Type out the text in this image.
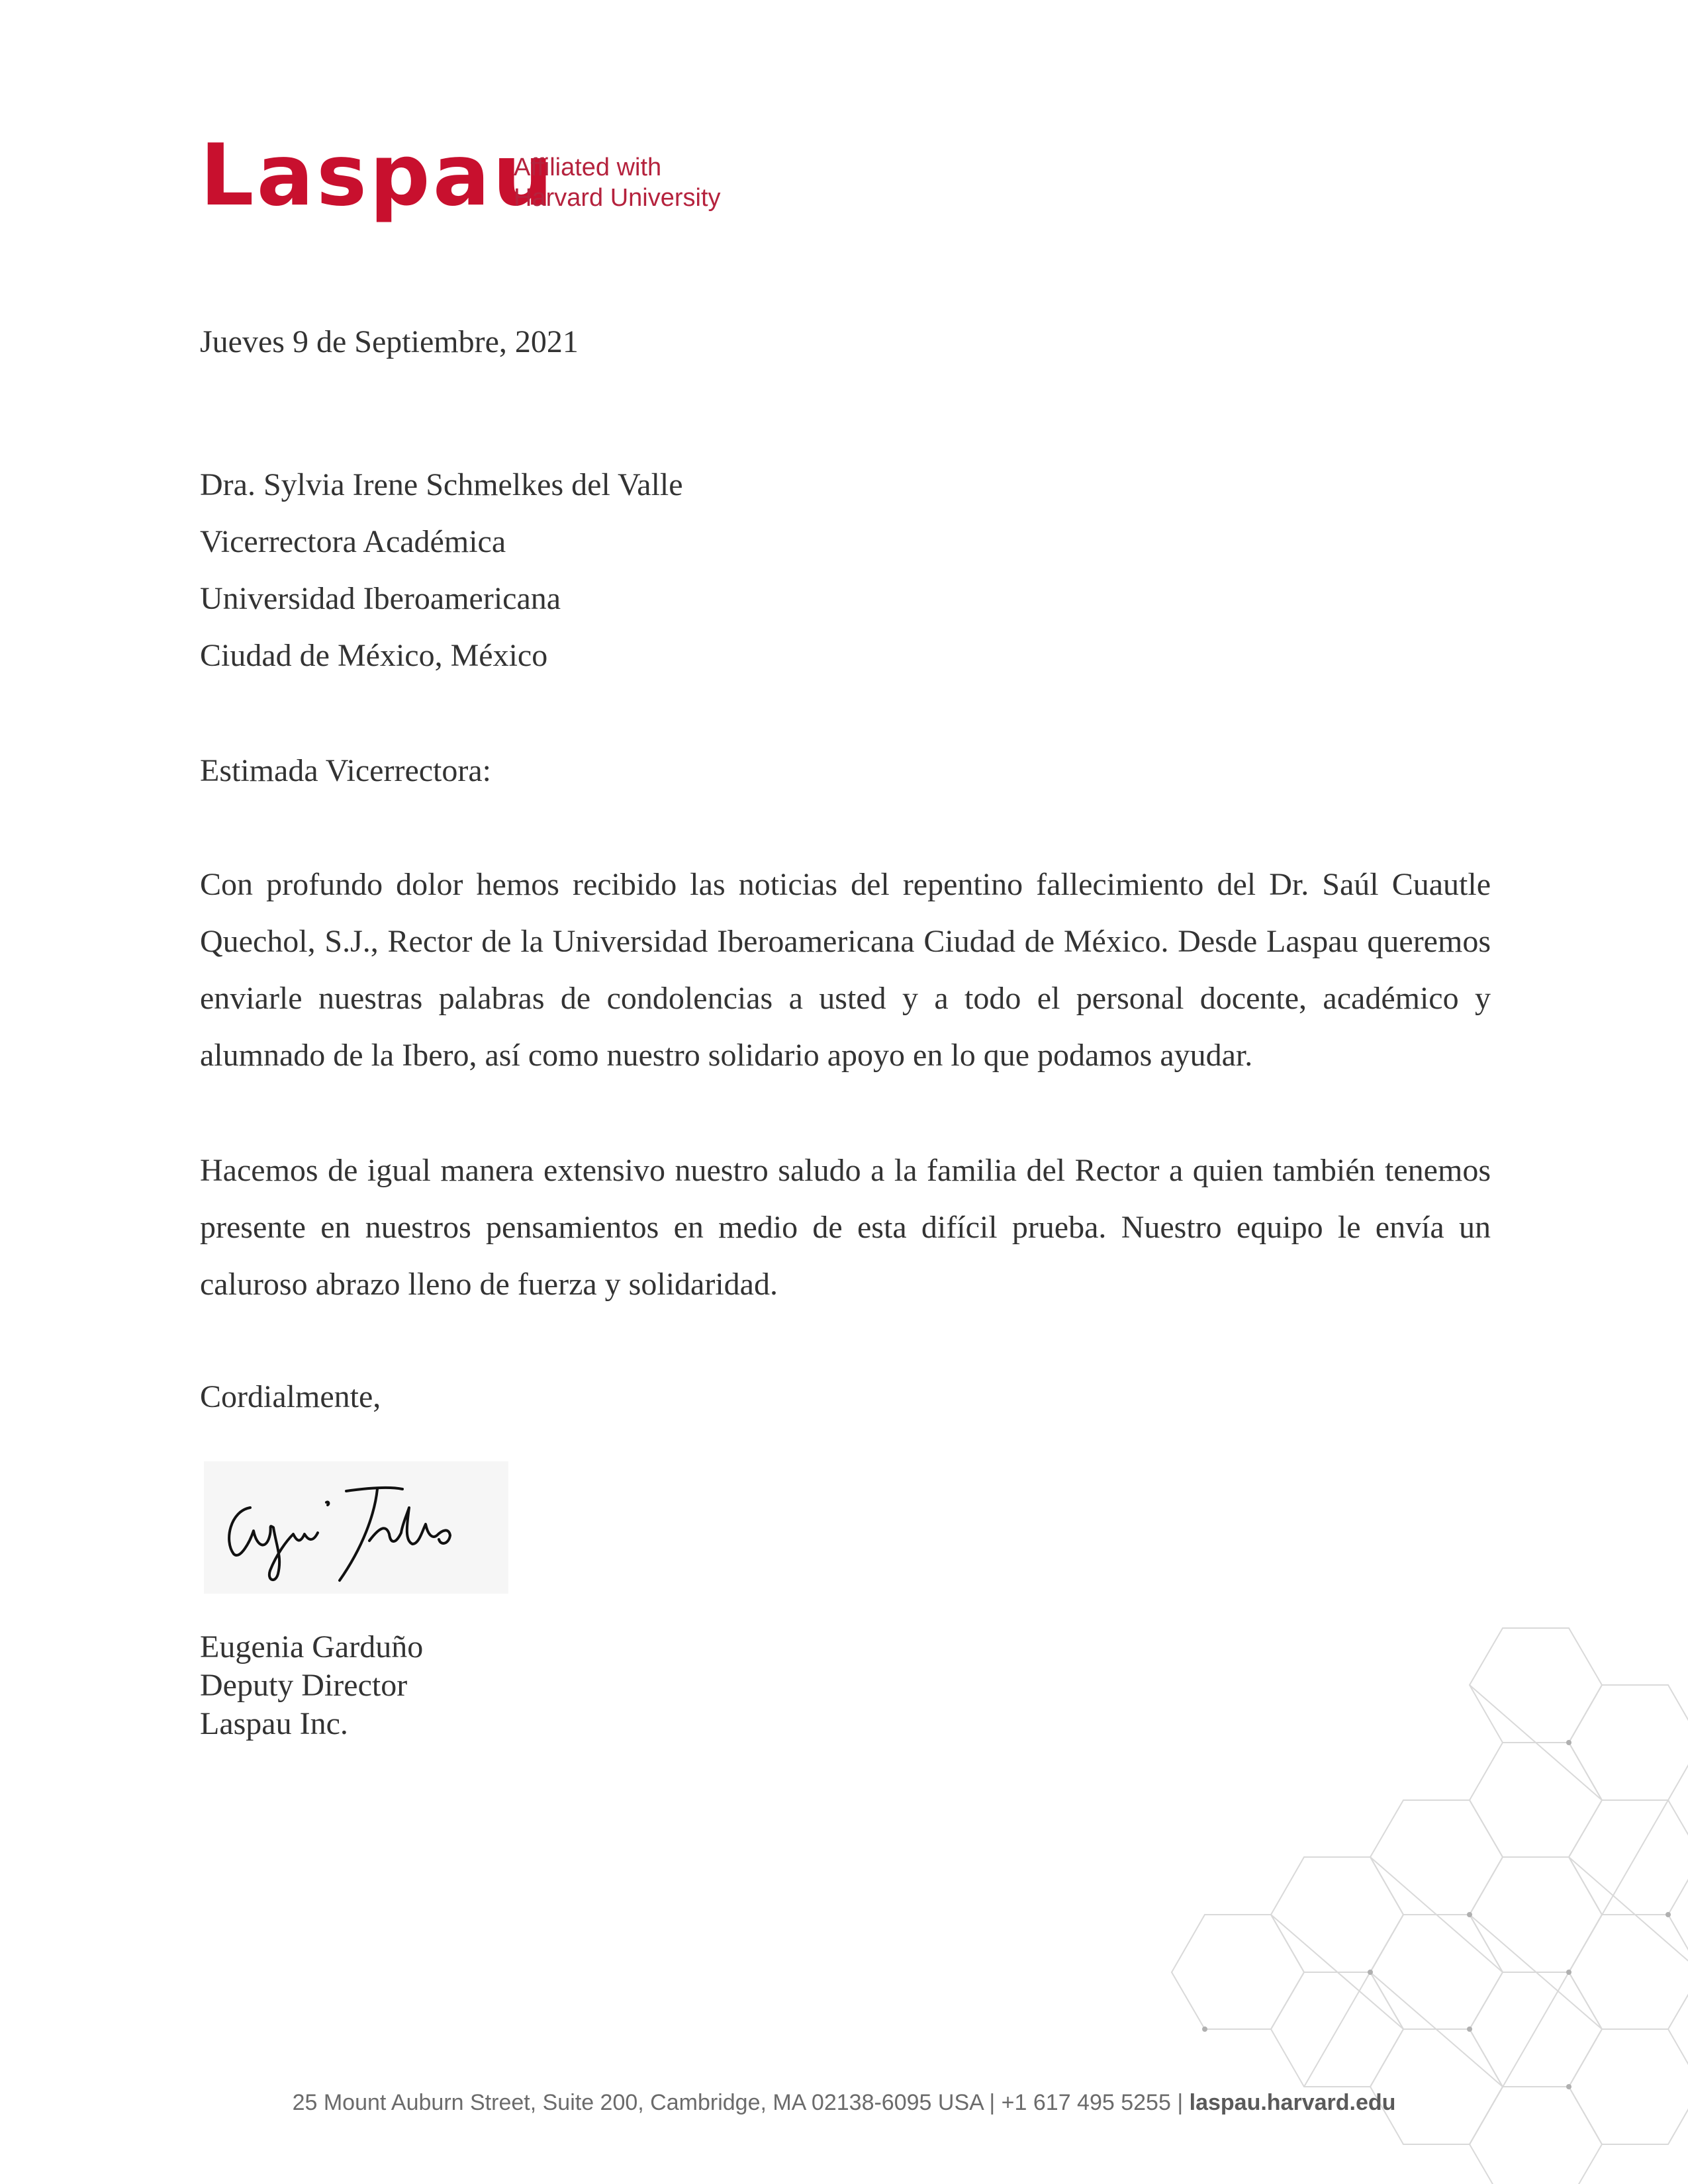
Laspau
Affiliated with
Harvard University
Jueves 9 de Septiembre, 2021
Dra. Sylvia Irene Schmelkes del Valle
Vicerrectora Académica
Universidad Iberoamericana
Ciudad de México, México
Estimada Vicerrectora:
Con profundo dolor hemos recibido las noticias del repentino fallecimiento del Dr. Saúl Cuautle Quechol, S.J., Rector de la Universidad Iberoamericana Ciudad de México. Desde Laspau queremos enviarle nuestras palabras de condolencias a usted y a todo el personal docente, académico y alumnado de la Ibero, así como nuestro solidario apoyo en lo que podamos ayudar.
Hacemos de igual manera extensivo nuestro saludo a la familia del Rector a quien también tenemos presente en nuestros pensamientos en medio de esta difícil prueba. Nuestro equipo le envía un caluroso abrazo lleno de fuerza y solidaridad.
Cordialmente,
Eugenia Garduño
Deputy Director
Laspau Inc.
25 Mount Auburn Street, Suite 200, Cambridge, MA 02138-6095 USA | +1 617 495 5255 | laspau.harvard.edu
